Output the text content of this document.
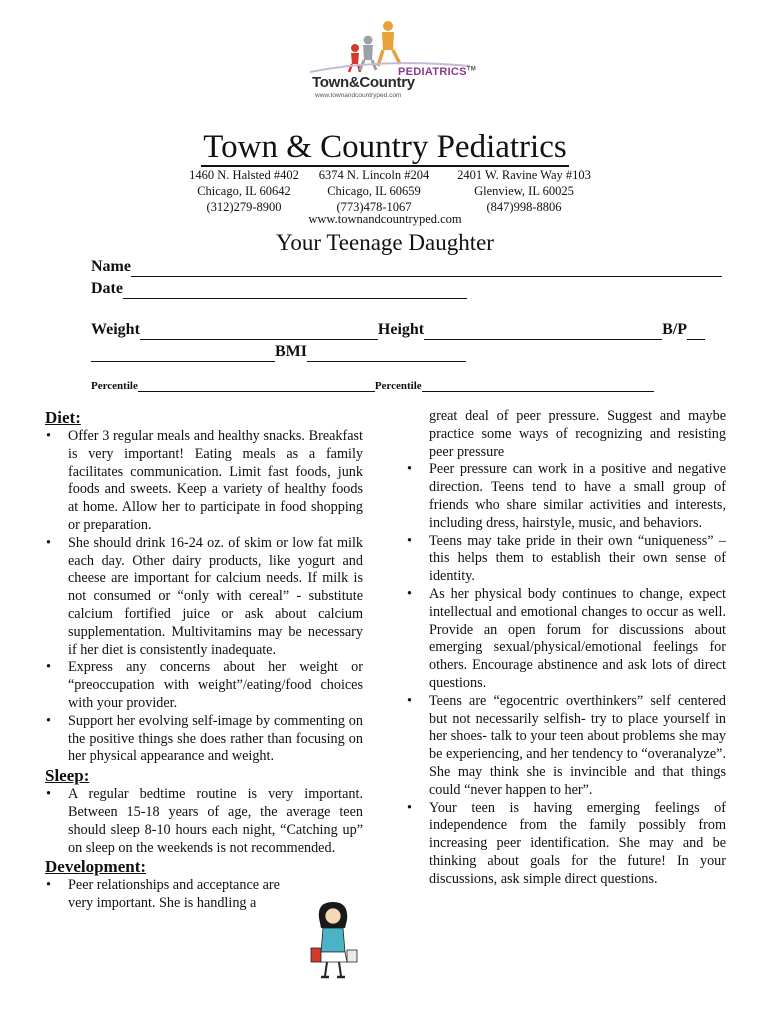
PEDIATRICS™
Town&Country
www.townandcountryped.com
Town & Country Pediatrics
1460 N. Halsted #402
Chicago, IL 60642
(312)279-8900
6374 N. Lincoln #204
Chicago, IL 60659
(773)478-1067
2401 W. Ravine Way #103
Glenview, IL 60025
(847)998-8806
www.townandcountryped.com
Your Teenage Daughter
Name
Date
Weight	Height	B/P
BMI
Percentile	Percentile
Diet:
• Offer 3 regular meals and healthy snacks. Breakfast is very important! Eating meals as a family facilitates communication. Limit fast foods, junk foods and sweets. Keep a variety of healthy foods at home. Allow her to participate in food shopping or preparation.
• She should drink 16-24 oz. of skim or low fat milk each day. Other dairy products, like yogurt and cheese are important for calcium needs. If milk is not consumed or “only with cereal” - substitute calcium fortified juice or ask about calcium supplementation. Multivitamins may be necessary if her diet is consistently inadequate.
• Express any concerns about her weight or “preoccupation with weight”/eating/food choices with your provider.
• Support her evolving self-image by commenting on the positive things she does rather than focusing on her physical appearance and weight.
Sleep:
• A regular bedtime routine is very important. Between 15-18 years of age, the average teen should sleep 8-10 hours each night, “Catching up” on sleep on the weekends is not recommended.
Development:
• Peer relationships and acceptance are very important. She is handling a
great deal of peer pressure. Suggest and maybe practice some ways of recognizing and resisting peer pressure
• Peer pressure can work in a positive and negative direction. Teens tend to have a small group of friends who share similar activities and interests, including dress, hairstyle, music, and behaviors.
• Teens may take pride in their own “uniqueness” – this helps them to establish their own sense of identity.
• As her physical body continues to change, expect intellectual and emotional changes to occur as well. Provide an open forum for discussions about emerging sexual/physical/emotional feelings for others. Encourage abstinence and ask lots of direct questions.
• Teens are “egocentric overthinkers” self centered but not necessarily selfish- try to place yourself in her shoes- talk to your teen about problems she may be experiencing, and her tendency to “overanalyze”. She may think she is invincible and that things could “never happen to her”.
• Your teen is having emerging feelings of independence from the family possibly from increasing peer identification. She may and be thinking about goals for the future! In your discussions, ask simple direct questions.
